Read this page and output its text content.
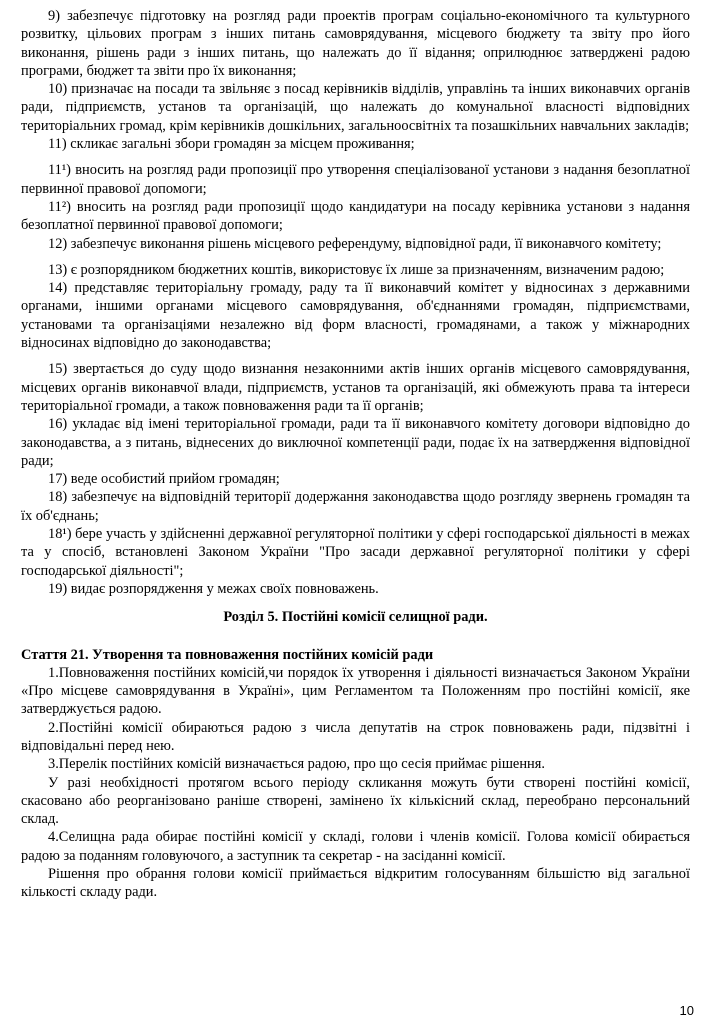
9) забезпечує підготовку на розгляд ради проектів програм соціально-економічного та культурного розвитку, цільових програм з інших питань самоврядування, місцевого бюджету та звіту про його виконання, рішень ради з інших питань, що належать до її відання; оприлюднює затверджені радою програми, бюджет та звіти про їх виконання;

10) призначає на посади та звільняє з посад керівників відділів, управлінь та інших виконавчих органів ради, підприємств, установ та організацій, що належать до комунальної власності відповідних територіальних громад, крім керівників дошкільних, загальноосвітніх та позашкільних навчальних закладів;

11) скликає загальні збори громадян за місцем проживання;

11¹) вносить на розгляд ради пропозиції про утворення спеціалізованої установи з надання безоплатної первинної правової допомоги;

11²) вносить на розгляд ради пропозиції щодо кандидатури на посаду керівника установи з надання безоплатної первинної правової допомоги;

12) забезпечує виконання рішень місцевого референдуму, відповідної ради, її виконавчого комітету;

13) є розпорядником бюджетних коштів, використовує їх лише за призначенням, визначеним радою;

14) представляє територіальну громаду, раду та її виконавчий комітет у відносинах з державними органами, іншими органами місцевого самоврядування, об'єднаннями громадян, підприємствами, установами та організаціями незалежно від форм власності, громадянами, а також у міжнародних відносинах відповідно до законодавства;

15) звертається до суду щодо визнання незаконними актів інших органів місцевого самоврядування, місцевих органів виконавчої влади, підприємств, установ та організацій, які обмежують права та інтереси територіальної громади, а також повноваження ради та її органів;

16) укладає від імені територіальної громади, ради та її виконавчого комітету договори відповідно до законодавства, а з питань, віднесених до виключної компетенції ради, подає їх на затвердження відповідної ради;

17) веде особистий прийом громадян;

18) забезпечує на відповідній території додержання законодавства щодо розгляду звернень громадян та їх об'єднань;

18¹) бере участь у здійсненні державної регуляторної політики у сфері господарської діяльності в межах та у спосіб, встановлені Законом України "Про засади державної регуляторної політики у сфері господарської діяльності";

19) видає розпорядження у межах своїх повноважень.

Розділ 5. Постійні комісії селищної ради.

Стаття 21. Утворення та повноваження постійних комісій ради

1.Повноваження постійних комісій,чи порядок їх утворення і діяльності визначається Законом України «Про місцеве самоврядування в Україні», цим Регламентом та Положенням про постійні комісії, яке затверджується радою.

2.Постійні комісії обираються радою з числа депутатів на строк повноважень ради, підзвітні і відповідальні перед нею.

3.Перелік постійних комісій визначається радою, про що сесія приймає рішення.

У разі необхідності протягом всього періоду скликання можуть бути створені постійні комісії, скасовано або реорганізовано раніше створені, замінено їх кількісний склад, переобрано персональний склад.

4.Селищна рада обирає постійні комісії у складі, голови і членів комісії. Голова комісії обирається радою за поданням головуючого, а заступник та секретар - на засіданні комісії.

Рішення про обрання голови комісії приймається відкритим голосуванням більшістю від загальної кількості складу ради.

10
